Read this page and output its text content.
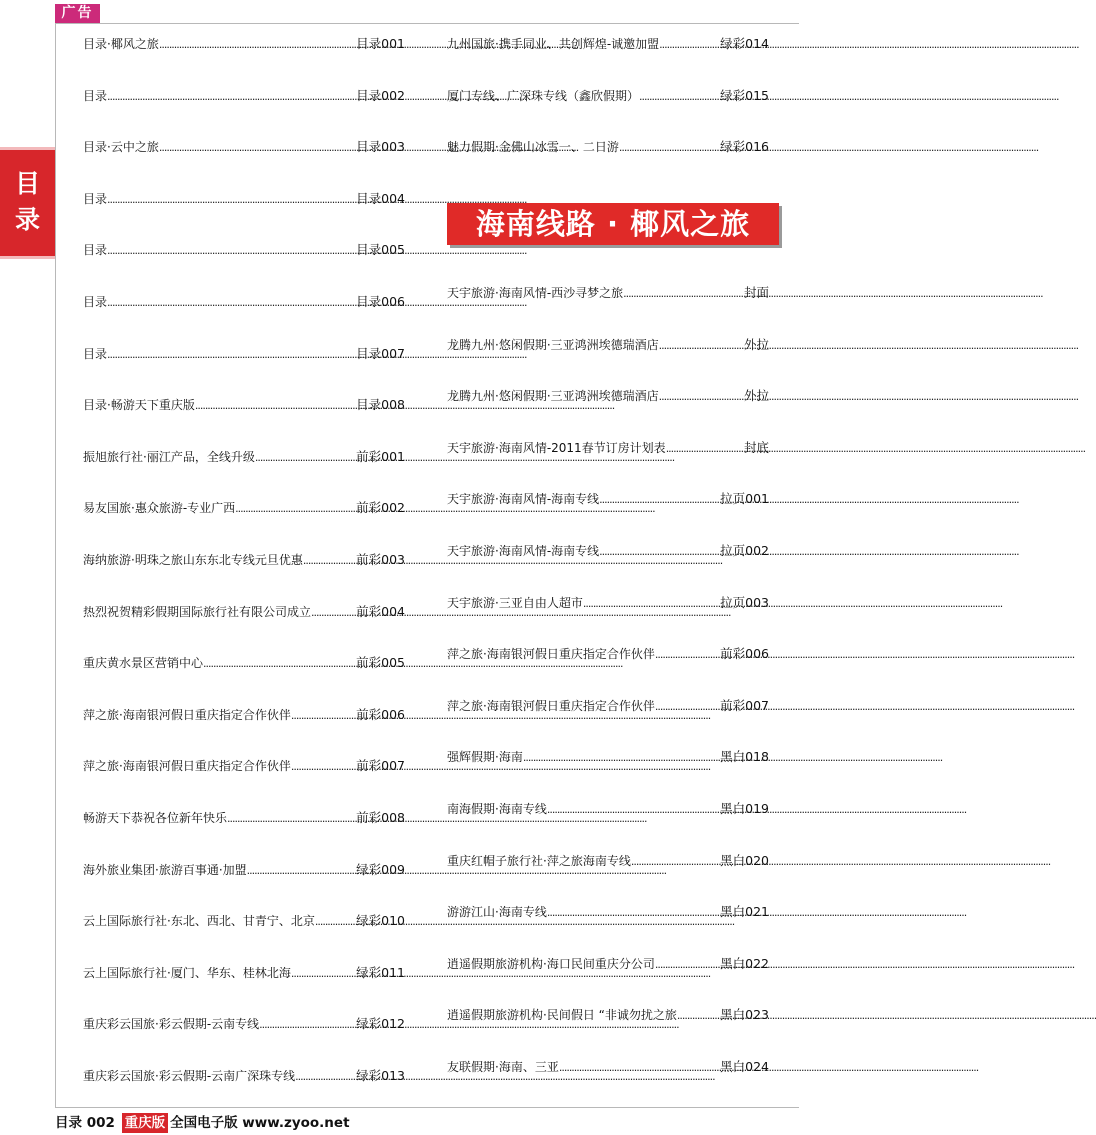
广告
目
录
目录·椰风之旅 .....	目录001
目录 .....	目录002
目录·云中之旅 .....	目录003
目录 .....	目录004
目录 .....	目录005
目录 .....	目录006
目录 .....	目录007
目录·畅游天下重庆版 .....	目录008
振旭旅行社·丽江产品，全线升级 .....	前彩001
易友国旅·惠众旅游-专业广西 .....	前彩002
海纳旅游·明珠之旅山东东北专线元旦优惠 .....	前彩003
热烈祝贺精彩假期国际旅行社有限公司成立 .....	前彩004
重庆黄水景区营销中心 .....	前彩005
萍之旅·海南银河假日重庆指定合作伙伴 .....	前彩006
萍之旅·海南银河假日重庆指定合作伙伴 .....	前彩007
畅游天下恭祝各位新年快乐 .....	前彩008
海外旅业集团·旅游百事通·加盟 .....	绿彩009
云上国际旅行社·东北、西北、甘青宁、北京 .....	绿彩010
云上国际旅行社·厦门、华东、桂林北海 .....	绿彩011
重庆彩云国旅·彩云假期-云南专线 .....	绿彩012
重庆彩云国旅·彩云假期-云南广深珠专线 .....	绿彩013
九州国旅·携手同业、共创辉煌-诚邀加盟 .....	绿彩014
厦门专线、广深珠专线（鑫欣假期） .....	绿彩015
魅力假期·金佛山冰雪一、二日游 .....	绿彩016
海南线路 · 椰风之旅
天宇旅游·海南风情-西沙寻梦之旅 .....	封面
龙腾九州·悠闲假期·三亚鸿洲埃德瑞酒店 .....	外拉
龙腾九州·悠闲假期·三亚鸿洲埃德瑞酒店 .....	外拉
天宇旅游·海南风情-2011春节订房计划表 .....	封底
天宇旅游·海南风情-海南专线 .....	拉页001
天宇旅游·海南风情-海南专线 .....	拉页002
天宇旅游·三亚自由人超市 .....	拉页003
萍之旅·海南银河假日重庆指定合作伙伴 .....	前彩006
萍之旅·海南银河假日重庆指定合作伙伴 .....	前彩007
强辉假期·海南 .....	黑白018
南海假期·海南专线 .....	黑白019
重庆红帽子旅行社·萍之旅海南专线 .....	黑白020
游游江山·海南专线 .....	黑白021
逍遥假期旅游机构·海口民间重庆分公司 .....	黑白022
逍遥假期旅游机构·民间假日 “非诚勿扰之旅 .....	黑白023
友联假期·海南、三亚 .....	黑白024
目录 002 重庆版 全国电子版 www.zyoo.net
